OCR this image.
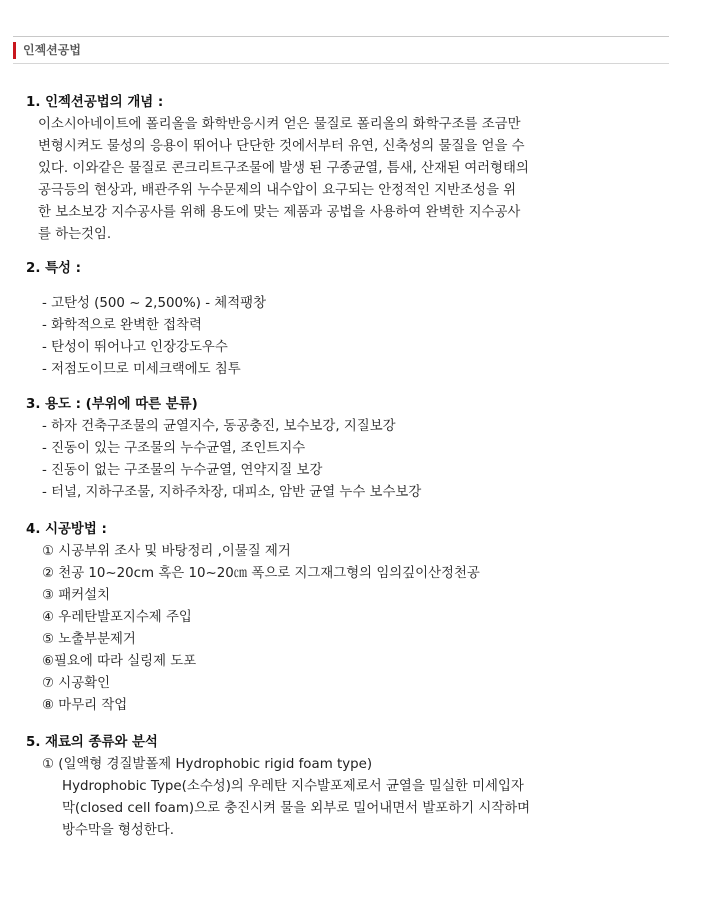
인젝션공법

1. 인젝션공법의 개념 :

이소시아네이트에 폴리올을 화학반응시켜 얻은 물질로 폴리올의 화학구조를 조금만
변형시켜도 물성의 응용이 뛰어나 단단한 것에서부터 유연, 신축성의 물질을 얻을 수
있다. 이와같은 물질로 콘크리트구조물에 발생 된 구종균열, 틈새, 산재된 여러형태의
공극등의 현상과, 배관주위 누수문제의 내수압이 요구되는 안정적인 지반조성을 위
한 보소보강 지수공사를 위해 용도에 맞는 제품과 공법을 사용하여 완벽한 지수공사
를 하는것임.

2. 특성 :

- 고탄성 (500 ~ 2,500%) - 체적팽창
- 화학적으로 완벽한 접착력
- 탄성이 뛰어나고 인장강도우수
- 저점도이므로 미세크랙에도 침투

3. 용도 : (부위에 따른 분류)

- 하자 건축구조물의 균열지수, 동공충진, 보수보강, 지질보강
- 진동이 있는 구조물의 누수균열, 조인트지수
- 진동이 없는 구조물의 누수균열, 연약지질 보강
- 터널, 지하구조물, 지하주차장, 대피소, 암반 균열 누수 보수보강

4. 시공방법 :

① 시공부위 조사 및 바탕정리 ,이물질 제거
② 천공 10~20cm 혹은 10~20㎝ 폭으로 지그재그형의 임의깊이산정천공
③ 패커설치
④ 우레탄발포지수제 주입
⑤ 노출부분제거
⑥필요에 따라 실링제 도포
⑦ 시공확인
⑧ 마무리 작업

5. 재료의 종류와 분석

① (일액형 경질발폴제 Hydrophobic rigid foam type)
Hydrophobic Type(소수성)의 우레탄 지수발포제로서 균열을 밀실한 미세입자
막(closed cell foam)으로 충진시켜 물을 외부로 밀어내면서 발포하기 시작하며
방수막을 형성한다.
